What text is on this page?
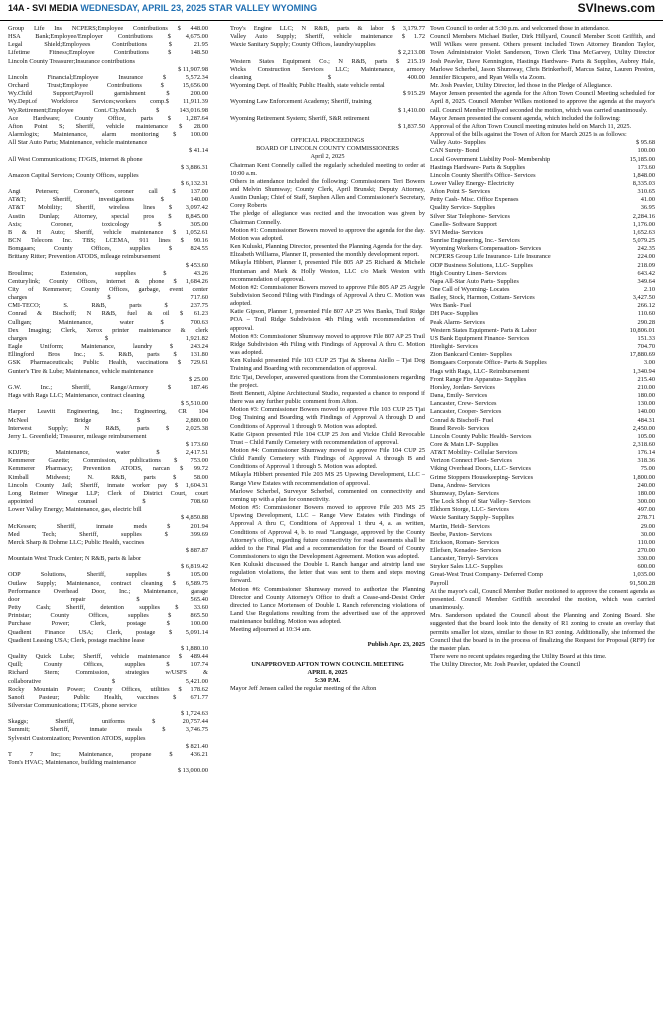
14A - SVI MEDIA WEDNESDAY, APRIL 23, 2025 STAR VALLEY WYOMING	SVInews.com
Group Life Ins NCPERS;Employee Contributions $ 448.00
HSA Bank;Employee/Employer Contributions $ 4,675.00
Legal Shield;Employees Contributions $ 21.95
Lifetime Fitness;Employee Contributions $ 148.50
Lincoln County Treasurer;Insurance contributions
$ 11,907.98
Lincoln Financial;Employee Insurance $ 5,572.34
Orchard Trust;Employee Contributions $ 15,656.00
Wy.Child Support;Payroll garnishment $ 200.00
Wy.Dept.of Workforce Services;workers comp.$ 11,911.39
Wy.Retirement;Employee Cont./Cty.Match $ 143,016.98
Ace Hardware; County Office, parts $ 1,287.64
Afton Point S; Sheriff, vehicle maintenance $ 28.00
Alarmlogix; Maintenance, alarm monitoring $ 100.00
All Star Auto Parts; Maintenance, vehicle maintenance
$ 41.14
All West Communications; IT/GIS, internet & phone
$ 3,886.31
Amazon Capital Services; County Offices, supplies
$ 6,132.31
Angi Petersen; Coroner's, coroner call $ 137.00
AT&T; Sheriff, investigations $ 140.00
AT&T Mobility; Sheriff, wireless lines $ 3,097.42
Austin Dunlap; Attorney, special pros $ 8,845.00
Axis; Coroner, toxicology $ 305.00
B & H Auto; Sheriff, vehicle maintenance $ 1,052.61
BCN Telecom Inc. TBS; LCEMA, 911 lines $ 90.16
Bomgaars; County Offices, supplies $ 824.55
Brittany Ritter; Prevention ATODS, mileage reimbursement
$ 453.60
Broulims; Extension, supplies $ 43.26
Centurylink; County Offices, internet & phone $ 1,684.26
City of Kemmerer; County Offices, garbage, event center
charges $ 717.60
CMI-TECO; S. R&B, parts $ 237.75
Conrad & Bischoff; N R&B, fuel & oil $ 61.23
Culligan; Maintenance, water $ 700.63
Dex Imaging; Clerk, Xerox printer maintenance & clerk
charges $ 1,921.82
Eagle Uniform; Maintenance, laundry $ 243.24
Ellingford Bros Inc.; S. R&B, parts $ 131.80
GSK Pharmaceuticals; Public Health, vaccinations $ 729.61
Gunter's Tire & Lube; Maintenance, vehicle maintenance
$ 25.00
G.W. Inc.; Sheriff, Range/Armory $ 187.46
Hags with Rags LLC; Maintenance, contract cleaning
$ 5,510.00
Harper Leavitt Engineering, Inc.; Engineering, CR 104
McNeel Bridge $ 2,880.00
Interwest Supply; N R&B, parts $ 2,025.38
Jerry L. Greenfield; Treasurer, mileage reimbursement
$ 173.60
KDJPB; Maintenance, water $ 2,417.51
Kemmerer Gazette; Commission, publications $ 753.00
Kemmerer Pharmacy; Prevention ATODS, narcan $ 99.72
Kimball Midwest; N. R&B, parts $ 58.00
Lincoln County Jail; Sheriff, inmate worker pay $ 1,604.31
Long Reimer Winegar LLP; Clerk of District Court, court
appointed counsel $ 708.60
Lower Valley Energy; Maintenance, gas, electric bill
$ 4,850.88
McKessen; Sheriff, inmate meds $ 201.94
Med Tech; Sheriff, supplies $ 399.69
Merck Sharp & Dohme LLC; Public Health, vaccines
$ 887.87
Mountain West Truck Center; N R&B, parts & labor
$ 6,819.42
ODP Solutions, Sheriff, supplies $ 105.00
Outlaw Supply; Maintenance, contract cleaning $ 6,589.75
Performance Overhead Door, Inc.; Maintenance, garage
door repair $ 565.40
Petty Cash; Sheriff, detention supplies $ 33.60
Printstar; County Offices, supplies $ 865.50
Purchase Power; Clerk, postage $ 100.00
Quadient Finance USA; Clerk, postage $ 5,091.14
Quadient Leasing USA; Clerk, postage machine lease
$ 1,880.10
Quality Quick Lube; Sheriff, vehicle maintenance $ 489.44
Quill; County Offices, supplies $ 107.74
Richard Stern; Commission, strategies w/USFS &
collaborative $ 5,421.00
Rocky Mountain Power; County Offices, utilities $ 178.62
Sanofi Pasteur; Public Health, vaccines $ 671.77
Silverstar Communications; IT/GIS, phone service
$ 1,724.63
Skaggs; Sheriff, uniforms $ 20,757.44
Summit; Sheriff, inmate meals $ 3,746.75
Sylvestri Customization; Prevention ATODS, supplies
$ 821.40
T 7 Inc; Maintenance, propane $ 436.21
Tom's HVAC; Maintenance, building maintenance
$ 13,000.00
Troy's Engine LLC; N R&B, parts & labor $ 3,179.77
Valley Auto Supply; Sheriff, vehicle maintenance $ 1.72
Waxie Sanitary Supply; County Offices, laundry/supplies
$ 2,213.08
Western States Equipment Co.; N R&B, parts $ 215.19
Wicks Construction Services LLC; Maintenance, armory
cleaning $ 400.00
Wyoming Dept. of Health; Public Health, state vehicle rental
$ 915.29
Wyoming Law Enforcement Academy; Sheriff, training
$ 1,410.00
Wyoming Retirement System; Sheriff, S&R retirement
$ 1,837.50
OFFICIAL PROCEEDINGS
BOARD OF LINCOLN COUNTY COMMISSIONERS
April 2, 2025
Chairman Kent Connelly called the regularly scheduled meeting to order at 10:00 a.m.
Others in attendance included the following: Commissioners Teri Bowers and Melvin Shumway; County Clerk, April Brunski; Deputy Attorney, Austin Dunlap; Chief of Staff, Stephen Allen and Commissioner's Secretary, Corey Roberts
The pledge of allegiance was recited and the invocation was given by Chairman Connelly.
Motion #1: Commissioner Bowers moved to approve the agenda for the day. Motion was adopted.
Ken Kuluski, Planning Director, presented the Planning Agenda for the day.
Elizabeth Williams, Planner II, presented the monthly development report.
Mikayla Hibbert, Planner I, presented File 805 AP 25 Richard & Michele Huntsman and Mark & Holly Weston, LLC c/o Mark Weston with recommendation of approval.
Motion #2: Commissioner Bowers moved to approve File 805 AP 25 Argyle Subdivision Second Filing with Findings of Approval A thru C. Motion was adopted.
Katie Gipson, Planner I, presented File 807 AP 25 Wes Banks, Trail Ridge POA – Trail Ridge Subdivision 4th Filing with recommendation of approval.
Motion #3: Commissioner Shumway moved to approve File 807 AP 25 Trail Ridge Subdivision 4th Filing with Findings of Approval A thru C. Motion was adopted.
Ken Kuluski presented File 103 CUP 25 Tjai & Sheena Aiello – Tjai Dog Training and Boarding with recommendation of approval.
Eric Tjai, Developer, answered questions from the Commissioners regarding the project.
Brett Bennett, Alpine Architectural Studio, requested a chance to respond if there was any further public comment from Afton.
Motion #3: Commissioner Bowers moved to approve File 103 CUP 25 Tjai Dog Training and Boarding with Findings of Approval A through D and Conditions of Approval 1 through 9. Motion was adopted.
Katie Gipson presented File 104 CUP 25 Jon and Vickie Child Revocable Trust – Child Family Cemetery with recommendation of approval.
Motion #4: Commissioner Shumway moved to approve File 104 CUP 25 Child Family Cemetery with Findings of Approval A through B and Conditions of Approval 1 through 5. Motion was adopted.
Mikayla Hibbert presented File 203 MS 25 Upswing Development, LLC – Range View Estates with recommendation of approval.
Marlowe Scherbel, Surveyor Scherbel, commented on connectivity and coming up with a plan for connectivity.
Motion #5: Commissioner Bowers moved to approve File 203 MS 25 Upswing Development, LLC – Range View Estates with Findings of Approval A thru C, Conditions of Approval 1 thru 4, a. as written, Conditions of Approval 4, b. to read "Language, approved by the County Attorney's office, regarding future connectivity for road easements shall be added to the Final Plat and a recommendation for the Board of County Commissioners to sign the Development Agreement. Motion was adopted.
Ken Kuluski discussed the Double L Ranch hangar and airstrip land use regulation violations, the letter that was sent to them and steps moving forward.
Motion #6: Commissioner Shumway moved to authorize the Planning Director and County Attorney's Office to draft a Cease-and-Desist Order directed to Lance Mortensen of Double L Ranch referencing violations of Land Use Regulations resulting from the advertised use of the approved maintenance building. Motion was adopted.
Meeting adjourned at 10:34 am.
Publish Apr. 23, 2025
UNAPPROVED AFTON TOWN COUNCIL MEETING
APRIL 8, 2025
5:30 P.M.
Mayor Jeff Jensen called the regular meeting of the Afton
Town Council to order at 5:30 p.m. and welcomed those in attendance.
Council Members Michael Butler, Dirk Hillyard, Council Member Scott Griffith, and Will Wilkes were present. Others present included Town Attorney Brandon Taylor, Town Administrator Violet Sanderson, Town Clerk Tina McGarvey, Utility Director Josh Peavler, Dave Kennington, Hastings Hardware- Parts & Supplies, Aubrey Hale, Marlowe Scherbel, Jason Shumway, Chris Brinkerhoff, Marcus Sainz, Lauren Preston, Jennifer Bicupero, and Ryan Wells via Zoom.
Mr. Josh Peavler, Utility Director, led those in the Pledge of Allegiance.
Mayor Jensen presented the agenda for the Afton Town Council Meeting scheduled for April 8, 2025. Council Member Wilkes motioned to approve the agenda at the mayor's call. Council Member Hillyard seconded the motion, which was carried unanimously.
Mayor Jensen presented the consent agenda, which included the following:
Approval of the Afton Town Council meeting minutes held on March 11, 2025.
Approval of the bills against the Town of Afton for March 2025 is as follows:
Valley Auto- Supplies	$ 95.68
CAN Surety- Bond	100.00
Local Government Liability Pool- Membership	15,185.00
Hastings Hardware- Parts & Supplies	173.60
Lincoln County Sheriff's Office- Services	1,848.00
Lower Valley Energy- Electricity	8,335.03
Afton Point S- Services	310.65
Petty Cash- Misc. Office Expenses	41.00
Quality Service- Supplies	36.95
Silver Star Telephone- Services	2,284.16
Caselle- Software Support	1,176.00
SVI Media- Services	1,652.63
Sunrise Engineering, Inc.- Services	5,079.25
Wyoming Workers Compensation- Services	242.35
NCPERS Group Life Insurance- Life Insurance	224.00
ODP Business Solutions, LLC- Supplies	218.09
High Country Linen- Services	643.42
Napa All-Star Auto Parts- Supplies	349.64
One Call of Wyoming- Locates	2.10
Bailey, Stock, Harmon, Cottam- Services	3,427.50
Wex Bank- Fuel	266.12
DH Pace- Supplies	110.60
Peak Alarm- Services	290.28
Western States Equipment- Parts & Labor	10,806.01
US Bank Equipment Finance- Services	151.33
Hirelight- Services	704.70
Zion Bankcard Center- Supplies	17,880.69
Bomgaars Corporate Office- Parts & Supplies	3.00
Hags with Rags, LLC- Reimbursement	1,340.94
Front Range Fire Apparatus- Supplies	215.40
Horsley, Jordan- Services	210.00
Dana, Emily- Services	180.00
Lancaster, Crew- Services	130.00
Lancaster, Cooper- Services	140.00
Conrad & Bischoff- Fuel	484.31
Brand Revolt- Services	2,450.00
Lincoln County Public Health- Services	105.00
Core & Main LP- Supplies	2,318.60
AT&T Mobility- Cellular Services	176.14
Verizon Connect Fleet- Services	318.36
Viking Overhead Doors, LLC- Services	75.00
Grime Stoppers Housekeeping- Services	1,800.00
Dana, Andrea- Services	240.00
Shumway, Dylan- Services	180.00
The Lock Shop of Star Valley- Services	300.00
Elkhorn Storge, LLC- Services	497.00
Waxie Sanitary Supply- Supplies	278.71
Martin, Heidi- Services	29.00
Beebe, Paxton- Services	30.00
Erickson, Roman- Services	110.00
Ellefsen, Kenadee- Services	270.00
Lancaster, Terryl- Services	330.00
Stryker Sales LLC- Supplies	600.00
Great-West Trust Company- Deferred Comp	1,035.00
Payroll	91,500.28
At the mayor's call, Council Member Butler motioned to approve the consent agenda as presented. Council Member Griffith seconded the motion, which was carried unanimously.
Mrs. Sanderson updated the Council about the Planning and Zoning Board. She suggested that the board look into the density of R1 zoning to create an overlay that permits smaller lot sizes, similar to those in R3 zoning. Additionally, she informed the Council that the board is in the process of finalizing the Request for Proposal (RFP) for the master plan.
There were no recent updates regarding the Utility Board at this time.
The Utility Director, Mr. Josh Peavler, updated the Council
